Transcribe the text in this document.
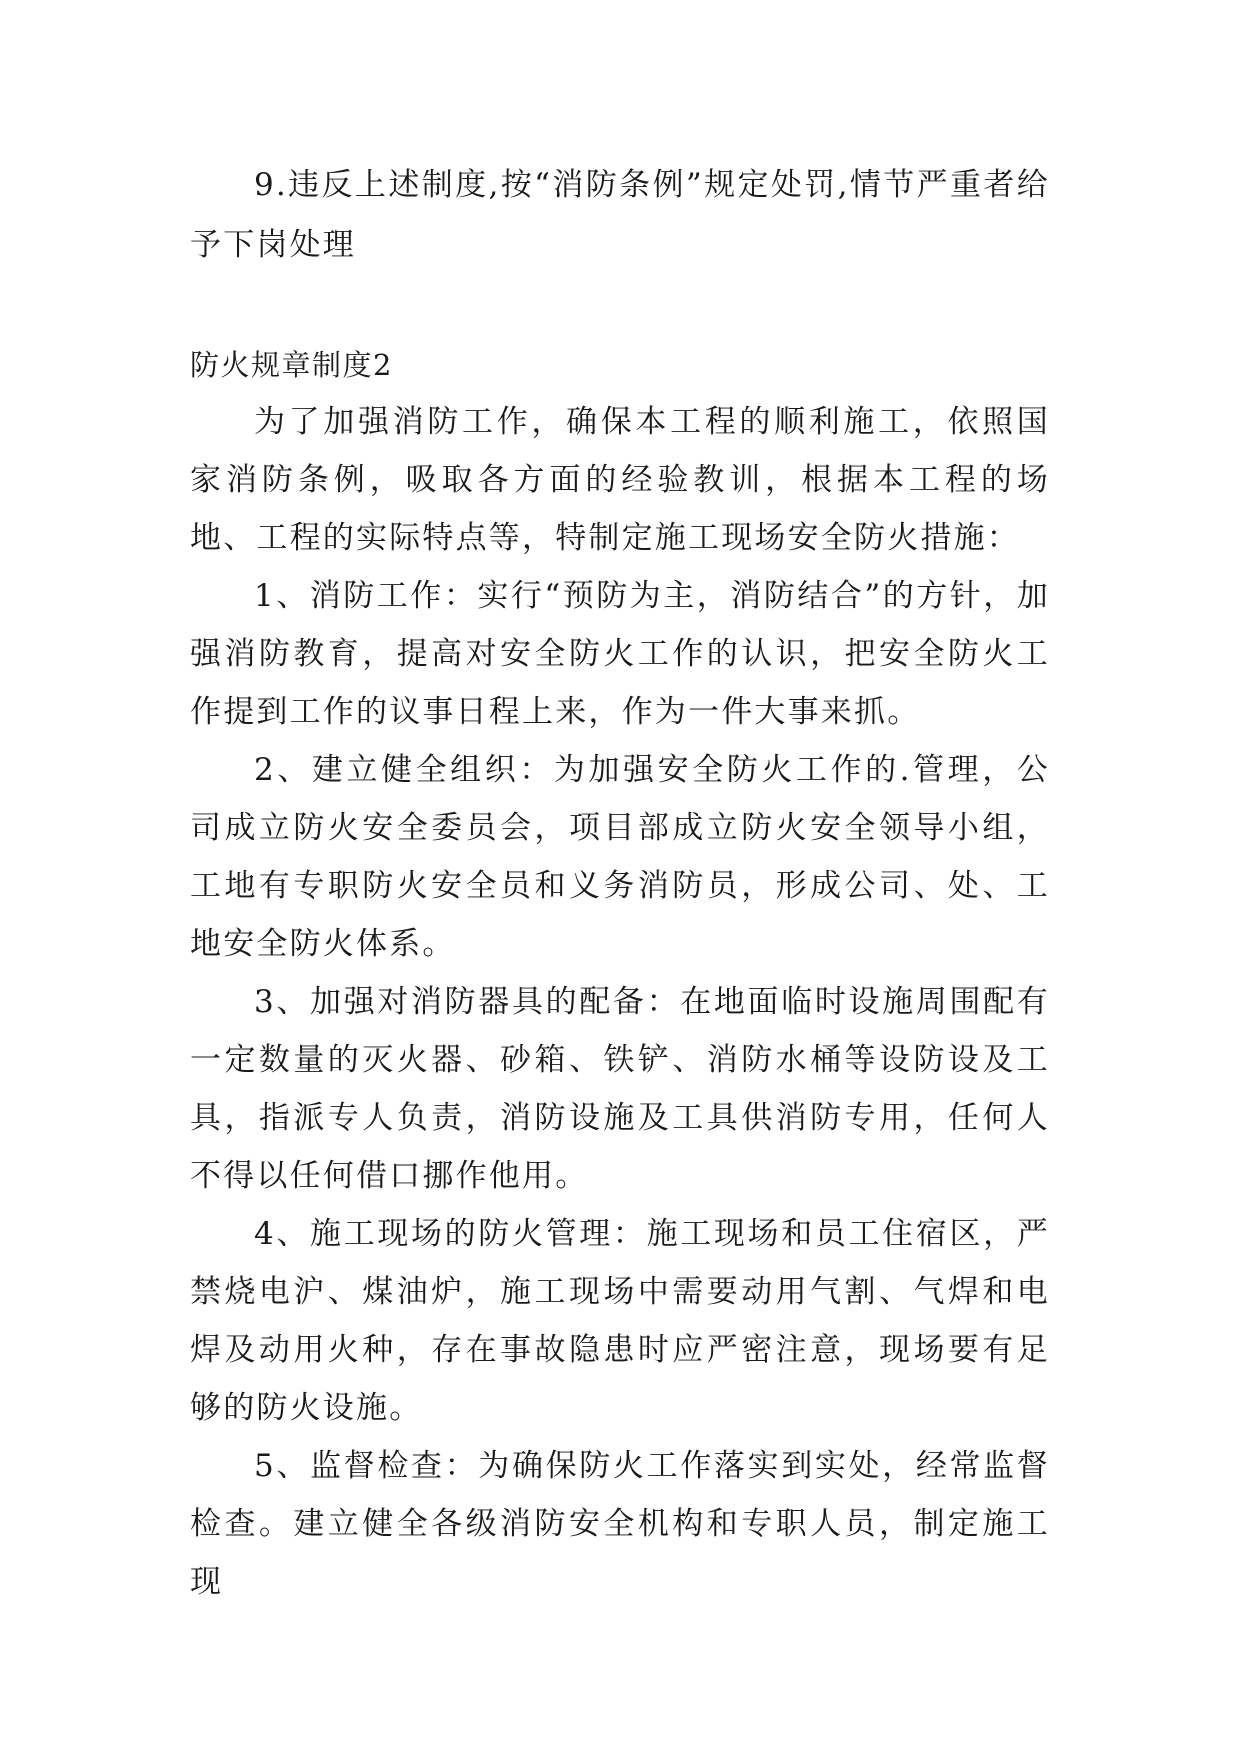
9.违反上述制度,按“消防条例”规定处罚,情节严重者给予下岗处理

防火规章制度2

为了加强消防工作，确保本工程的顺利施工，依照国家消防条例，吸取各方面的经验教训，根据本工程的场地、工程的实际特点等，特制定施工现场安全防火措施：

1、消防工作：实行“预防为主，消防结合”的方针，加强消防教育，提高对安全防火工作的认识，把安全防火工作提到工作的议事日程上来，作为一件大事来抓。

2、建立健全组织：为加强安全防火工作的.管理，公司成立防火安全委员会，项目部成立防火安全领导小组，工地有专职防火安全员和义务消防员，形成公司、处、工地安全防火体系。

3、加强对消防器具的配备：在地面临时设施周围配有一定数量的灭火器、砂箱、铁铲、消防水桶等设防设及工具，指派专人负责，消防设施及工具供消防专用，任何人不得以任何借口挪作他用。

4、施工现场的防火管理：施工现场和员工住宿区，严禁烧电沪、煤油炉，施工现场中需要动用气割、气焊和电焊及动用火种，存在事故隐患时应严密注意，现场要有足够的防火设施。

5、监督检查：为确保防火工作落实到实处，经常监督检查。建立健全各级消防安全机构和专职人员，制定施工现
